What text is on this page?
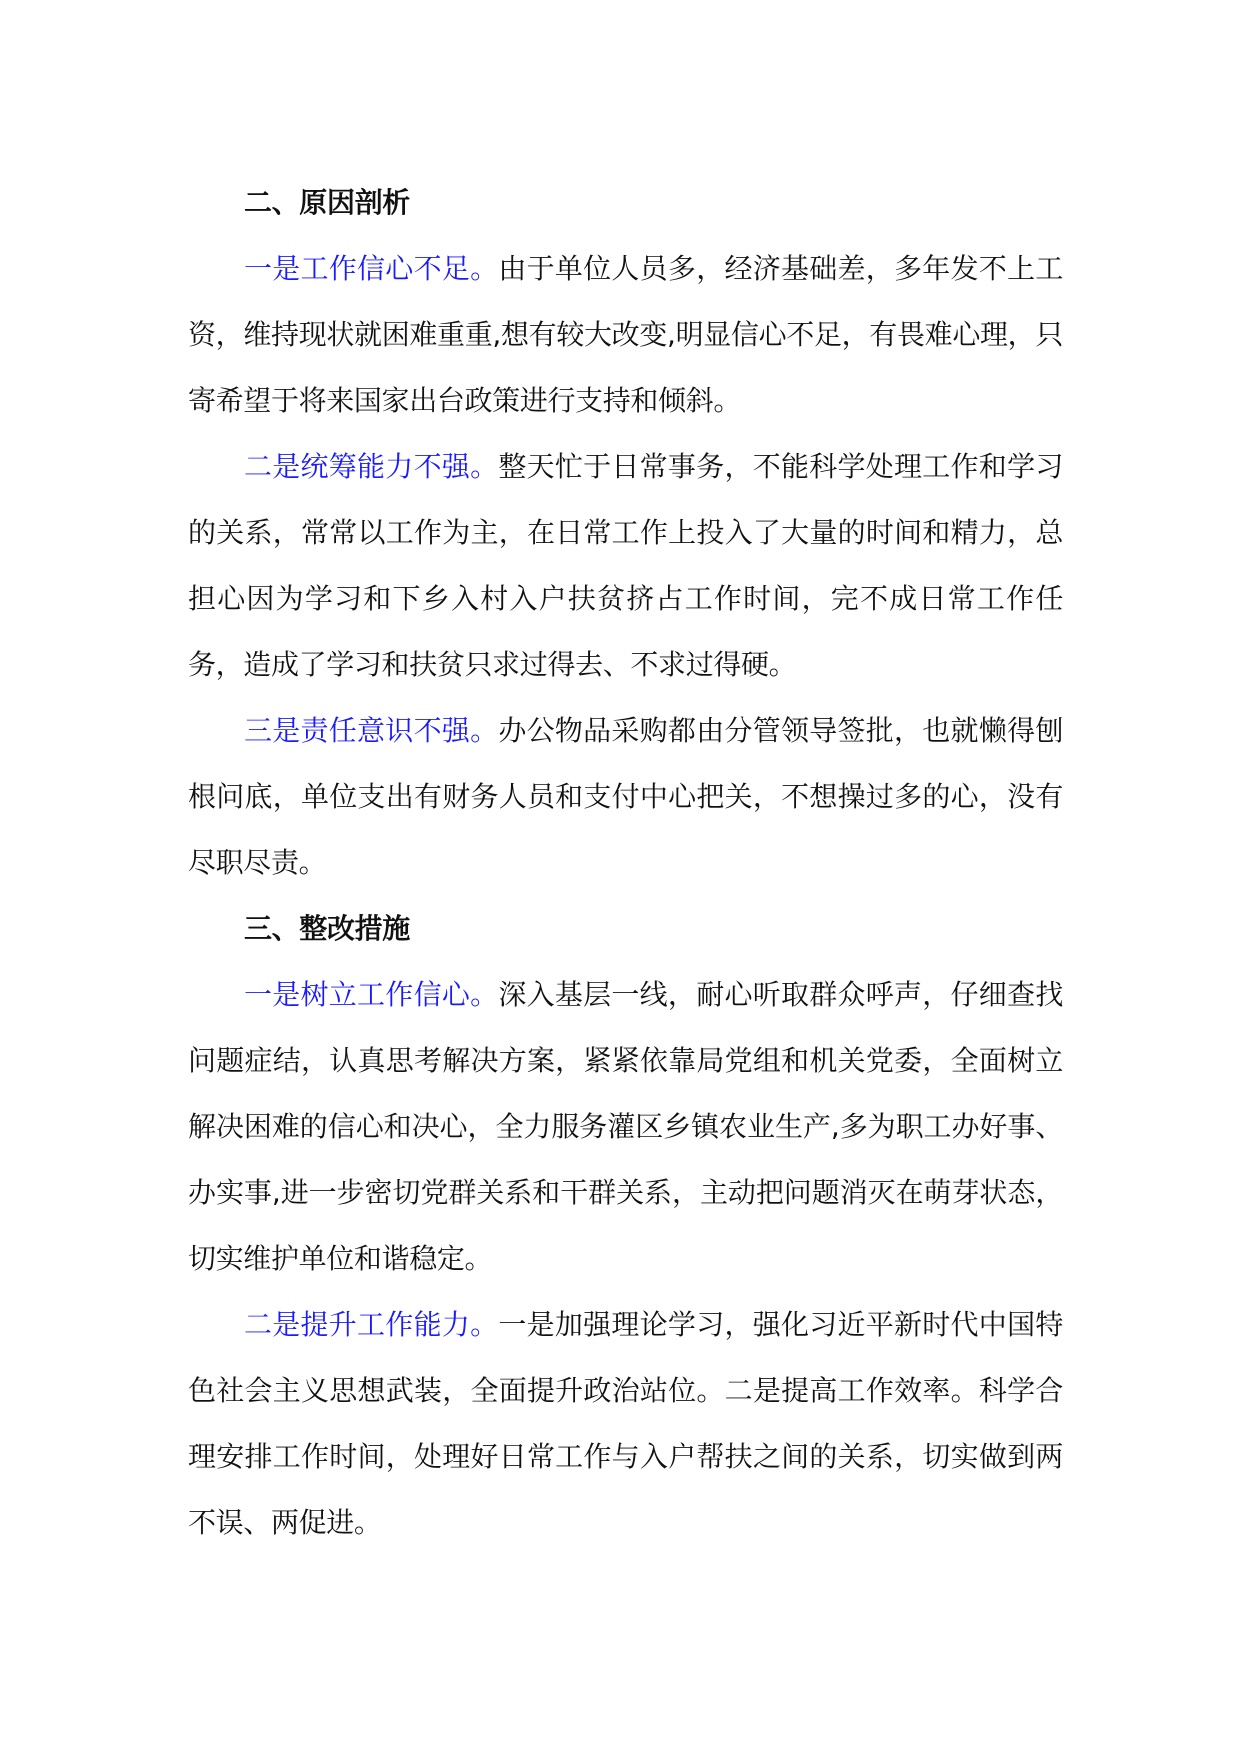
二、原因剖析

一是工作信心不足。由于单位人员多，经济基础差，多年发不上工资，维持现状就困难重重,想有较大改变,明显信心不足，有畏难心理，只寄希望于将来国家出台政策进行支持和倾斜。

二是统筹能力不强。整天忙于日常事务，不能科学处理工作和学习的关系，常常以工作为主，在日常工作上投入了大量的时间和精力，总担心因为学习和下乡入村入户扶贫挤占工作时间，完不成日常工作任务，造成了学习和扶贫只求过得去、不求过得硬。

三是责任意识不强。办公物品采购都由分管领导签批，也就懒得刨根问底，单位支出有财务人员和支付中心把关，不想操过多的心，没有尽职尽责。

三、整改措施

一是树立工作信心。深入基层一线，耐心听取群众呼声，仔细查找问题症结，认真思考解决方案，紧紧依靠局党组和机关党委，全面树立解决困难的信心和决心，全力服务灌区乡镇农业生产,多为职工办好事、办实事,进一步密切党群关系和干群关系，主动把问题消灭在萌芽状态，切实维护单位和谐稳定。

二是提升工作能力。一是加强理论学习，强化习近平新时代中国特色社会主义思想武装，全面提升政治站位。二是提高工作效率。科学合理安排工作时间，处理好日常工作与入户帮扶之间的关系，切实做到两不误、两促进。
